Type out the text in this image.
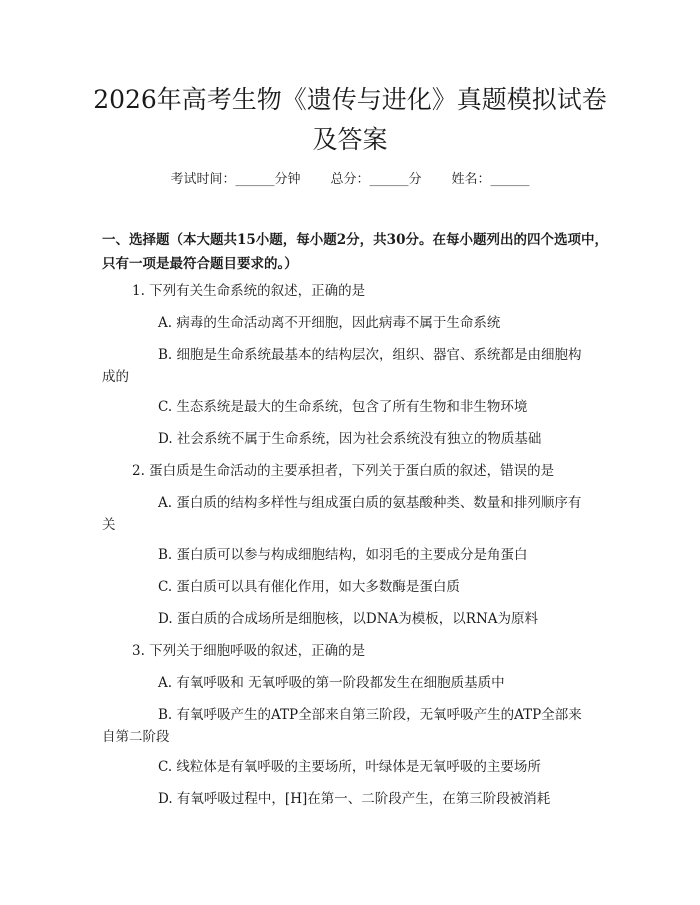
2026年高考生物《遗传与进化》真题模拟试卷及答案
考试时间：______分钟 总分：______分 姓名：______

一、选择题（本大题共15小题，每小题2分，共30分。在每小题列出的四个选项中，只有一项是最符合题目要求的。）

1. 下列有关生命系统的叙述，正确的是
A. 病毒的生命活动离不开细胞，因此病毒不属于生命系统
B. 细胞是生命系统最基本的结构层次，组织、器官、系统都是由细胞构
成的
C. 生态系统是最大的生命系统，包含了所有生物和非生物环境
D. 社会系统不属于生命系统，因为社会系统没有独立的物质基础
2. 蛋白质是生命活动的主要承担者，下列关于蛋白质的叙述，错误的是
A. 蛋白质的结构多样性与组成蛋白质的氨基酸种类、数量和排列顺序有
关
B. 蛋白质可以参与构成细胞结构，如羽毛的主要成分是角蛋白
C. 蛋白质可以具有催化作用，如大多数酶是蛋白质
D. 蛋白质的合成场所是细胞核，以DNA为模板，以RNA为原料
3. 下列关于细胞呼吸的叙述，正确的是
A. 有氧呼吸和 无氧呼吸的第一阶段都发生在细胞质基质中
B. 有氧呼吸产生的ATP全部来自第三阶段，无氧呼吸产生的ATP全部来
自第二阶段
C. 线粒体是有氧呼吸的主要场所，叶绿体是无氧呼吸的主要场所
D. 有氧呼吸过程中，[H]在第一、二阶段产生，在第三阶段被消耗
